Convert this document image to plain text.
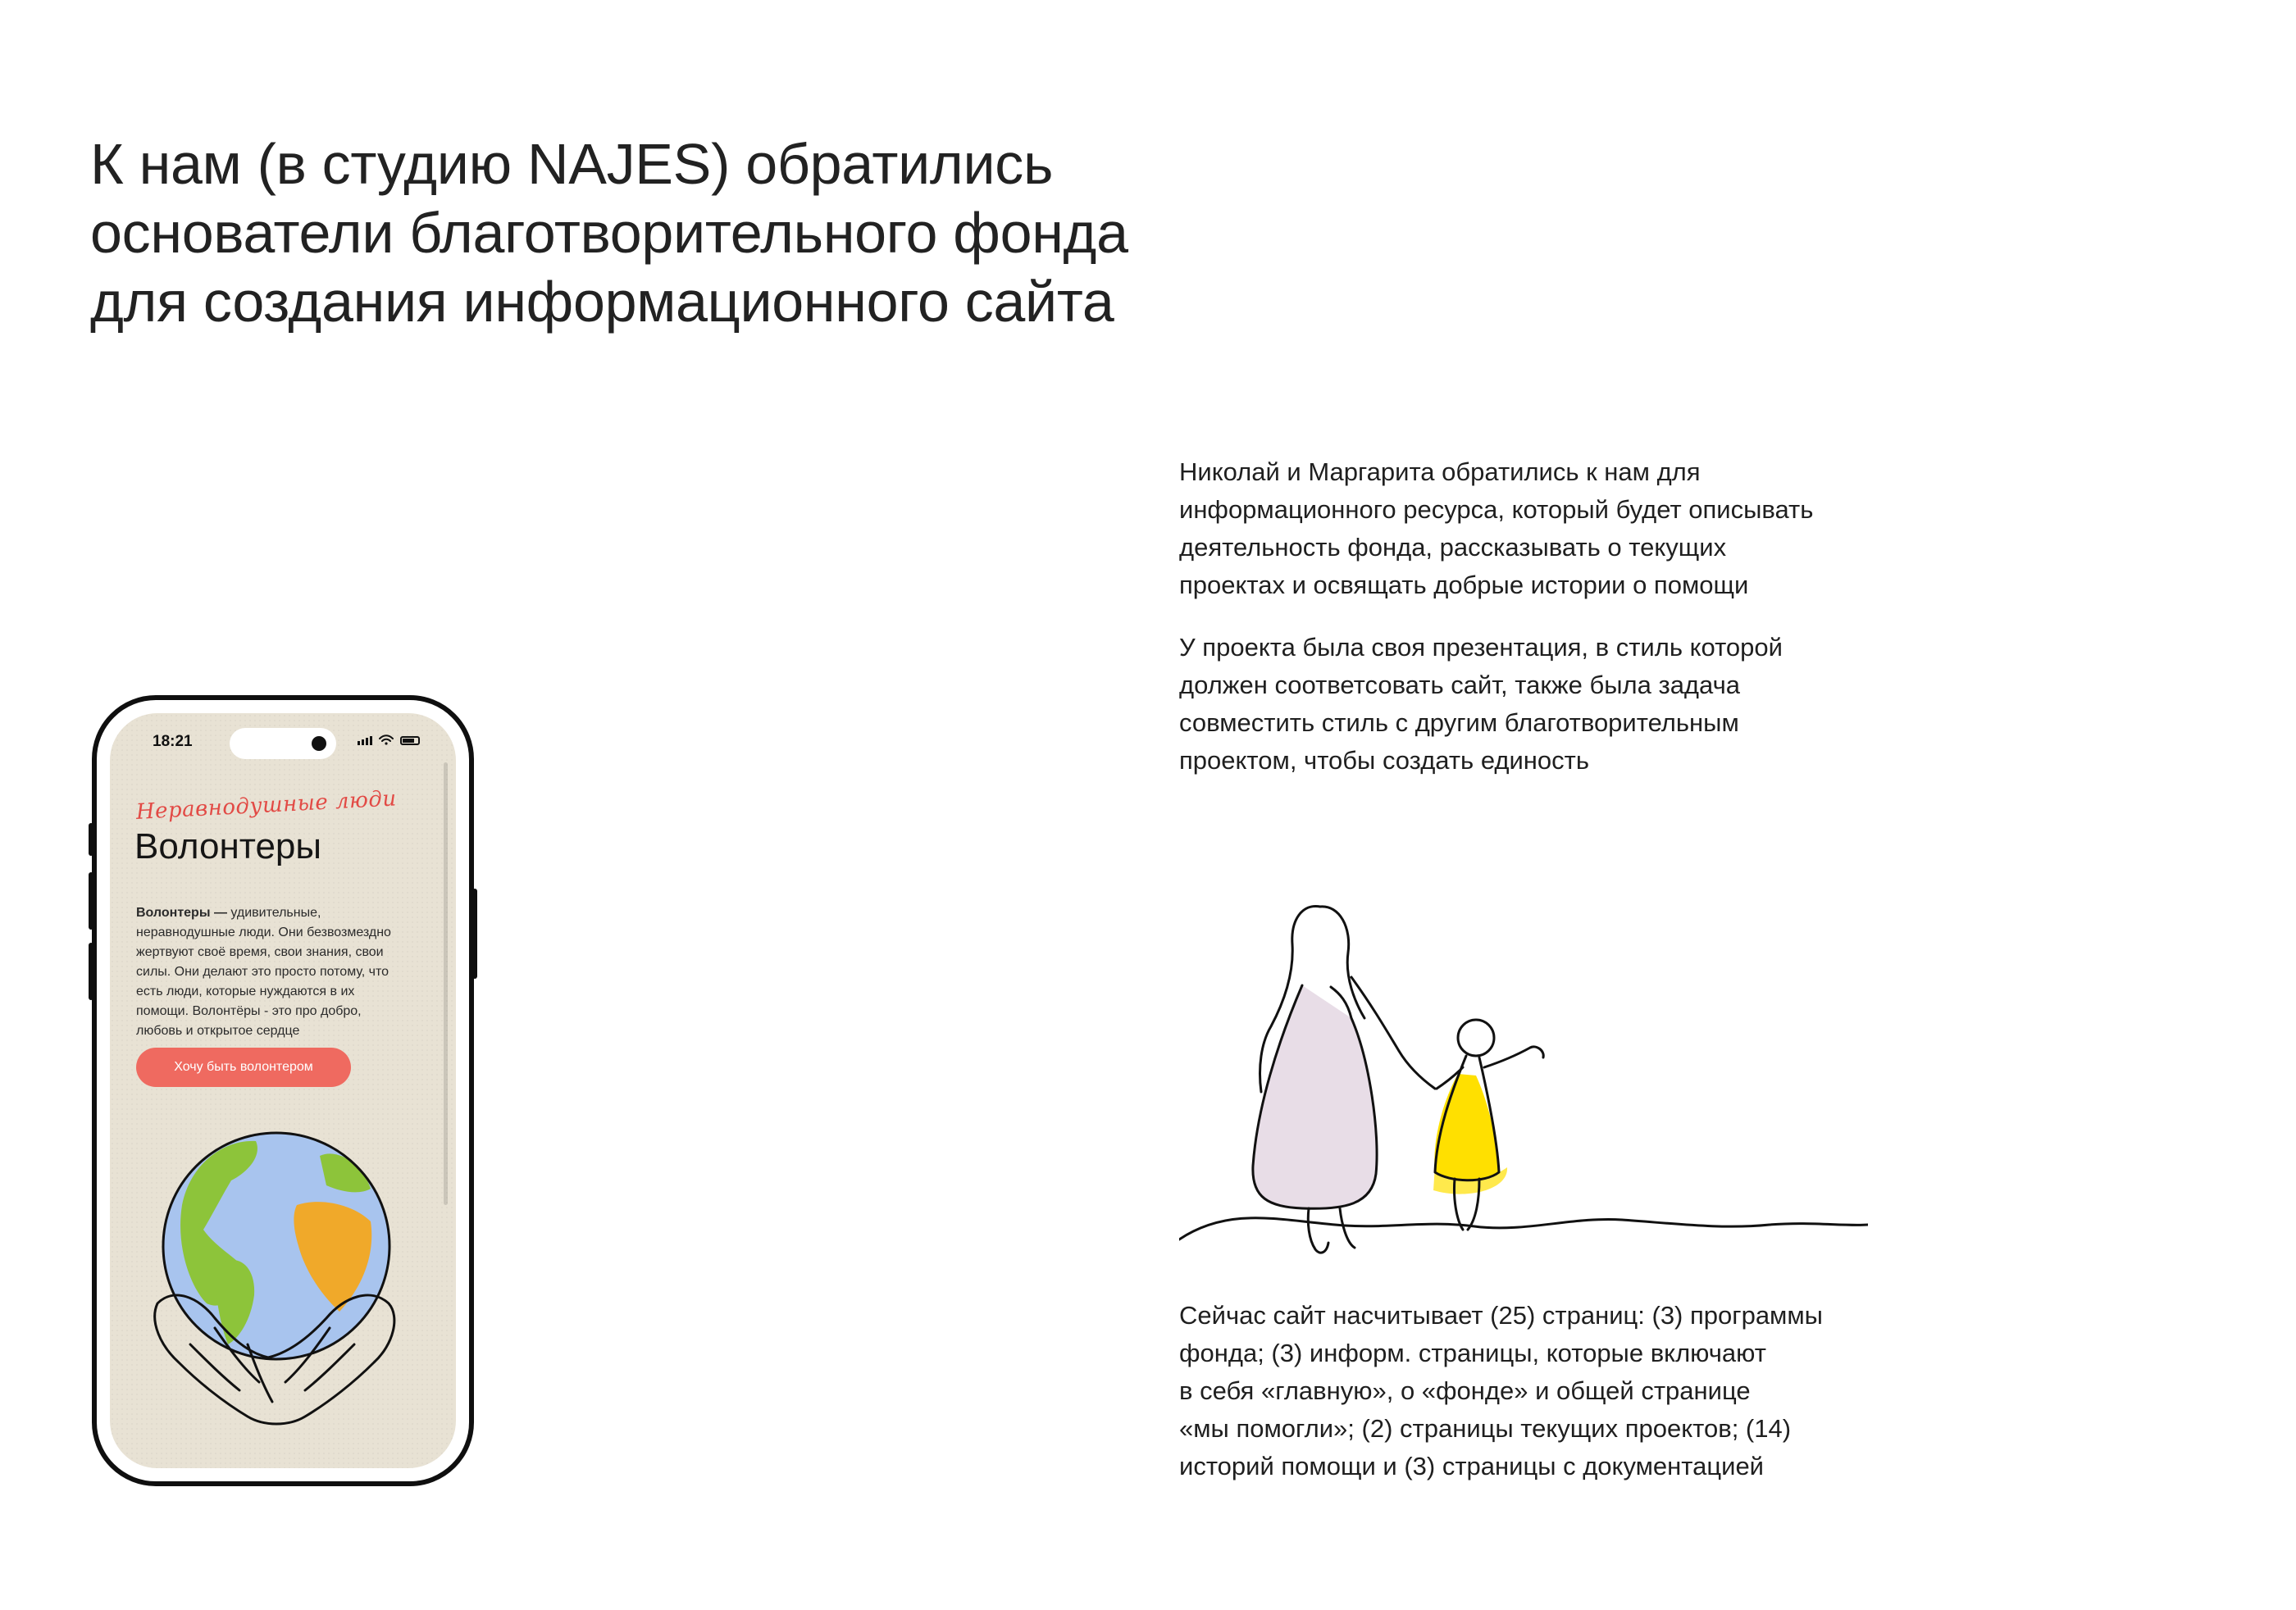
К нам (в студию NAJES) обратились
основатели благотворительного фонда
для создания информационного сайта

Николай и Маргарита обратились к нам для
информационного ресурса, который будет описывать
деятельность фонда, рассказывать о текущих
проектах и освящать добрые истории о помощи

У проекта была своя презентация, в стиль которой
должен соответсовать сайт, также была задача
совместить стиль с другим благотворительным
проектом, чтобы создать единость

Сейчас сайт насчитывает (25) страниц: (3) программы
фонда; (3) информ. страницы, которые включают
в себя «главную», о «фонде» и общей странице
«мы помогли»; (2) страницы текущих проектов; (14)
историй помощи и (3) страницы с документацией

18:21

Неравнодушные люди

Волонтеры

Волонтеры — удивительные,
неравнодушные люди. Они безвозмездно
жертвуют своё время, свои знания, свои
силы. Они делают это просто потому, что
есть люди, которые нуждаются в их
помощи. Волонтёры - это про добро,
любовь и открытое сердце

Хочу быть волонтером
